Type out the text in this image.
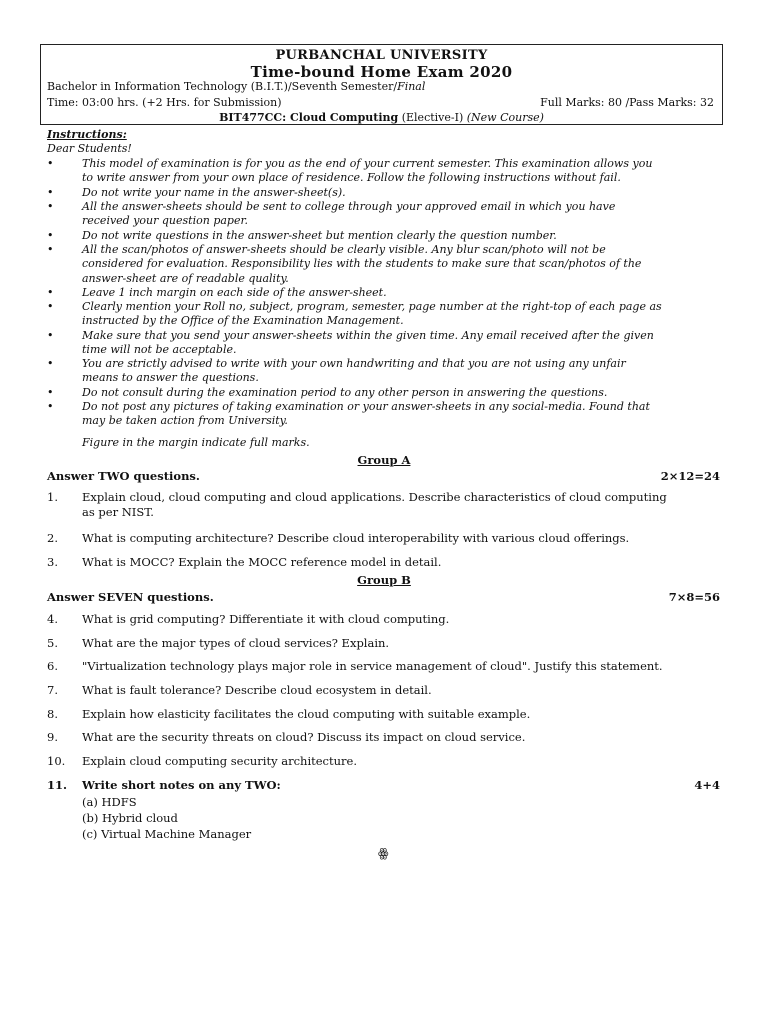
PURBANCHAL UNIVERSITY
Time-bound Home Exam 2020
Bachelor in Information Technology (B.I.T.)/Seventh Semester/Final
Time: 03:00 hrs. (+2 Hrs. for Submission)	Full Marks: 80 /Pass Marks: 32
BIT477CC: Cloud Computing (Elective-I) (New Course)
Instructions:
Dear Students!
•	This model of examination is for you as the end of your current semester. This examination allows you
to write answer from your own place of residence. Follow the following instructions without fail.
•	Do not write your name in the answer-sheet(s).
•	All the answer-sheets should be sent to college through your approved email in which you have
received your question paper.
•	Do not write questions in the answer-sheet but mention clearly the question number.
•	All the scan/photos of answer-sheets should be clearly visible. Any blur scan/photo will not be
considered for evaluation. Responsibility lies with the students to make sure that scan/photos of the
answer-sheet are of readable quality.
•	Leave 1 inch margin on each side of the answer-sheet.
•	Clearly mention your Roll no, subject, program, semester, page number at the right-top of each page as
instructed by the Office of the Examination Management.
•	Make sure that you send your answer-sheets within the given time. Any email received after the given
time will not be acceptable.
•	You are strictly advised to write with your own handwriting and that you are not using any unfair
means to answer the questions.
•	Do not consult during the examination period to any other person in answering the questions.
•	Do not post any pictures of taking examination or your answer-sheets in any social-media. Found that
may be taken action from University.
Figure in the margin indicate full marks.
Group A
Answer TWO questions.	2×12=24
1. Explain cloud, cloud computing and cloud applications. Describe characteristics of cloud computing
as per NIST.
2. What is computing architecture? Describe cloud interoperability with various cloud offerings.
3. What is MOCC? Explain the MOCC reference model in detail.
Group B
Answer SEVEN questions.	7×8=56
4. What is grid computing? Differentiate it with cloud computing.
5. What are the major types of cloud services? Explain.
6. "Virtualization technology plays major role in service management of cloud". Justify this statement.
7. What is fault tolerance? Describe cloud ecosystem in detail.
8. Explain how elasticity facilitates the cloud computing with suitable example.
9. What are the security threats on cloud? Discuss its impact on cloud service.
10. Explain cloud computing security architecture.
11. Write short notes on any TWO:	4+4
(a) HDFS
(b) Hybrid cloud
(c) Virtual Machine Manager
ꙮ
